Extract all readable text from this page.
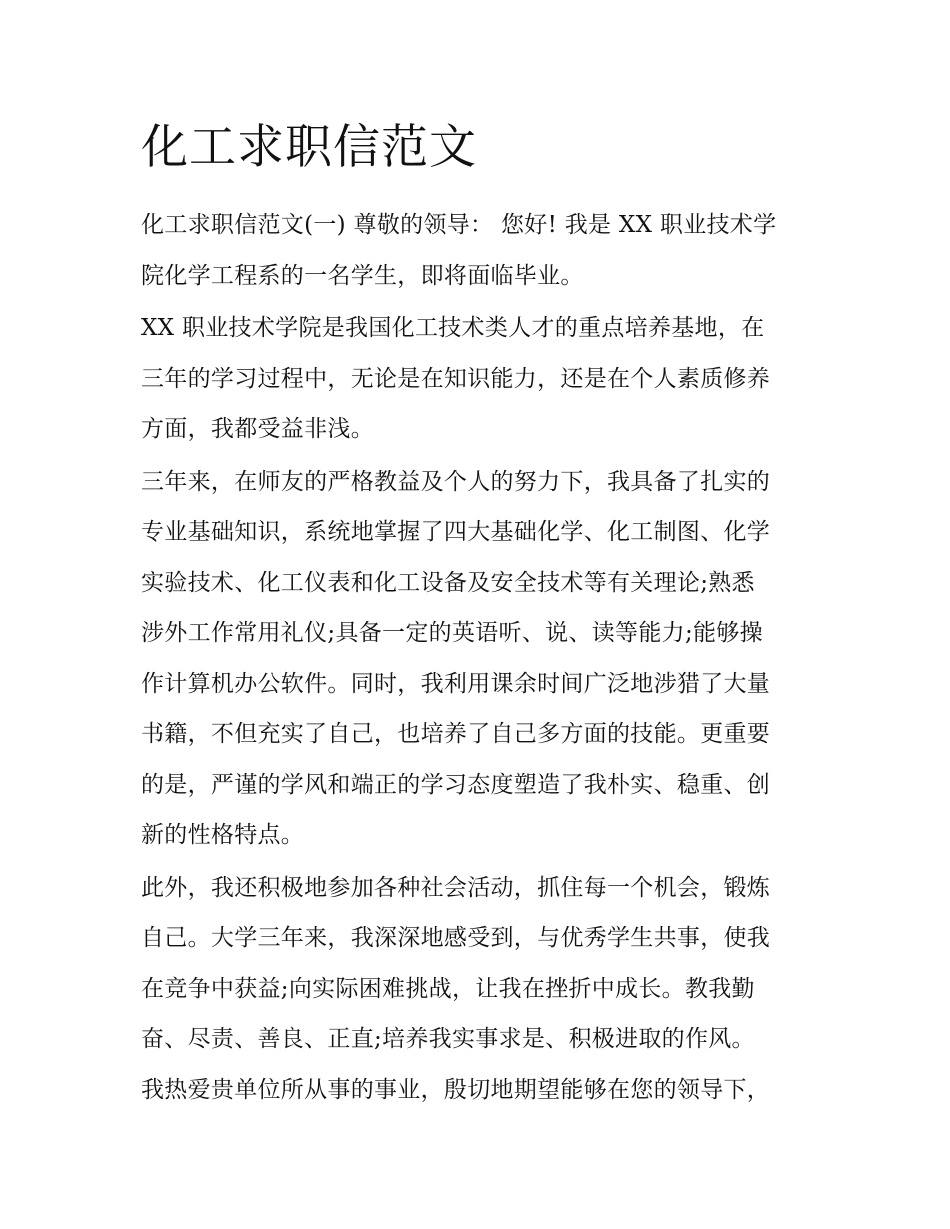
化工求职信范文

化工求职信范文(一) 尊敬的领导： 您好! 我是 XX 职业技术学
院化学工程系的一名学生，即将面临毕业。

XX 职业技术学院是我国化工技术类人才的重点培养基地，在
三年的学习过程中，无论是在知识能力，还是在个人素质修养
方面，我都受益非浅。

三年来，在师友的严格教益及个人的努力下，我具备了扎实的
专业基础知识，系统地掌握了四大基础化学、化工制图、化学
实验技术、化工仪表和化工设备及安全技术等有关理论;熟悉
涉外工作常用礼仪;具备一定的英语听、说、读等能力;能够操
作计算机办公软件。同时，我利用课余时间广泛地涉猎了大量
书籍，不但充实了自己，也培养了自己多方面的技能。更重要
的是，严谨的学风和端正的学习态度塑造了我朴实、稳重、创
新的性格特点。

此外，我还积极地参加各种社会活动，抓住每一个机会，锻炼
自己。大学三年来，我深深地感受到，与优秀学生共事，使我
在竞争中获益;向实际困难挑战，让我在挫折中成长。教我勤
奋、尽责、善良、正直;培养我实事求是、积极进取的作风。
我热爱贵单位所从事的事业，殷切地期望能够在您的领导下，
